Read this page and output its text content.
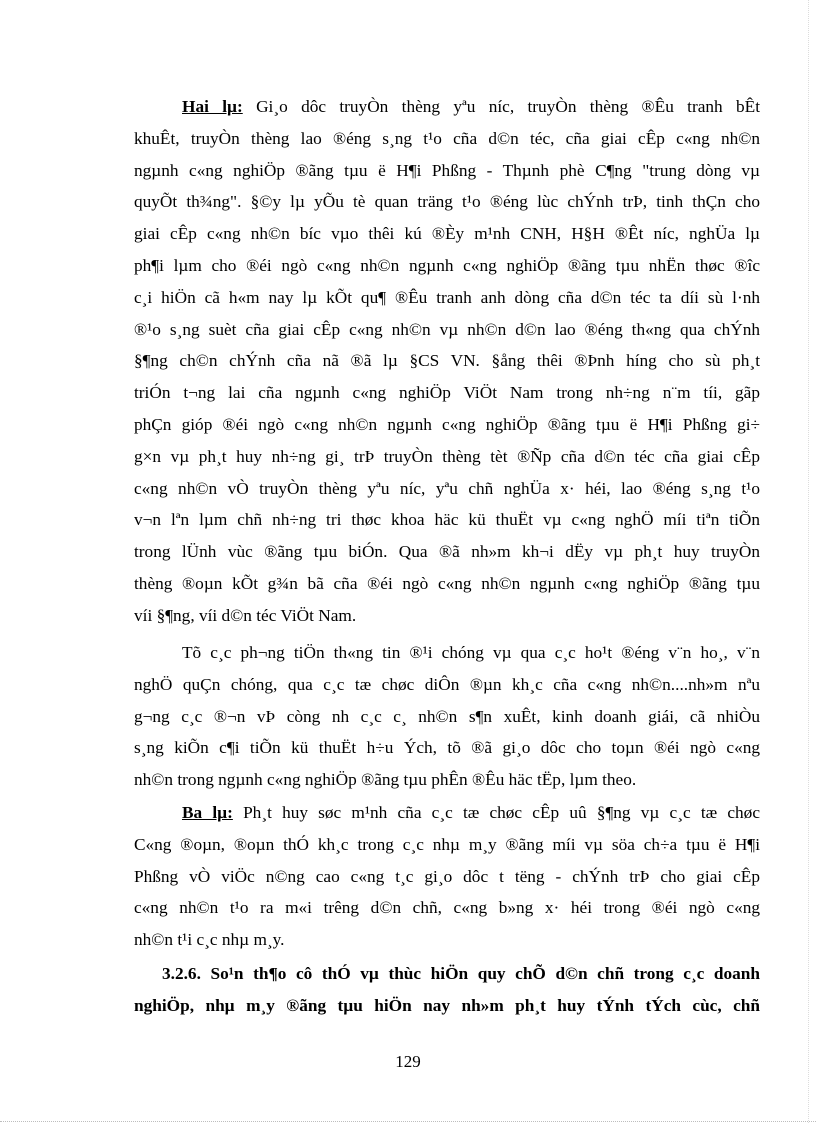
Hai lµ: Gi¸o dôc truyÒn thèng yªu níc, truyÒn thèng ®Êu tranh bÊt
khuÊt, truyÒn thèng lao ®éng s¸ng t¹o cña d©n téc, cña giai cÊp c«ng nh©n
ngµnh c«ng nghiÖp ®ãng tµu ë H¶i Phßng - Thµnh phè C¶ng "trung dòng vµ
quyÕt th¾ng". §©y lµ yÕu tè quan träng t¹o ®éng lùc chÝnh trÞ, tinh thÇn cho
giai cÊp c«ng nh©n bíc vµo thêi kú ®Èy m¹nh CNH, H§H ®Êt níc, nghÜa lµ
ph¶i lµm cho ®éi ngò c«ng nh©n ngµnh c«ng nghiÖp ®ãng tµu nhËn thøc ®îc
c¸i hiÖn cã h«m nay lµ kÕt qu¶ ®Êu tranh anh dòng cña d©n téc ta díi sù l·nh
®¹o s¸ng suèt cña giai cÊp c«ng nh©n vµ nh©n d©n lao ®éng th«ng qua chÝnh
§¶ng ch©n chÝnh cña nã ®ã lµ §CS VN. §ång thêi ®Þnh híng cho sù ph¸t
triÓn t¬ng lai cña ngµnh c«ng nghiÖp ViÖt Nam trong nh÷ng n¨m tíi, gãp
phÇn gióp ®éi ngò c«ng nh©n ngµnh c«ng nghiÖp ®ãng tµu ë H¶i Phßng gi÷
g×n vµ ph¸t huy nh÷ng gi¸ trÞ truyÒn thèng tèt ®Ñp cña d©n téc cña giai cÊp
c«ng nh©n vÒ truyÒn thèng yªu níc, yªu chñ nghÜa x· héi, lao ®éng s¸ng t¹o
v¬n lªn lµm chñ nh÷ng tri thøc khoa häc kü thuËt vµ c«ng nghÖ míi tiªn tiÕn
trong lÜnh vùc ®ãng tµu biÓn. Qua ®ã nh»m kh¬i dËy vµ ph¸t huy truyÒn
thèng ®oµn kÕt g¾n bã cña ®éi ngò c«ng nh©n ngµnh c«ng nghiÖp ®ãng tµu
víi §¶ng, víi d©n téc ViÖt Nam.

Tõ c¸c ph¬ng tiÖn th«ng tin ®¹i chóng vµ qua c¸c ho¹t ®éng v¨n ho¸, v¨n
nghÖ quÇn chóng, qua c¸c tæ chøc diÔn ®µn kh¸c cña c«ng nh©n....nh»m nªu
g¬ng c¸c ®¬n vÞ còng nh c¸c c¸ nh©n s¶n xuÊt, kinh doanh giái, cã nhiÒu
s¸ng kiÕn c¶i tiÕn kü thuËt h÷u Ých, tõ ®ã gi¸o dôc cho toµn ®éi ngò c«ng
nh©n trong ngµnh c«ng nghiÖp ®ãng tµu phÊn ®Êu häc tËp, lµm theo.

Ba lµ: Ph¸t huy søc m¹nh cña c¸c tæ chøc cÊp uû §¶ng vµ c¸c tæ chøc
C«ng ®oµn, ®oµn thÓ kh¸c trong c¸c nhµ m¸y ®ãng míi vµ söa ch÷a tµu ë H¶i
Phßng vÒ viÖc n©ng cao c«ng t¸c gi¸o dôc t tëng - chÝnh trÞ cho giai cÊp
c«ng nh©n t¹o ra m«i trêng d©n chñ, c«ng b»ng x· héi trong ®éi ngò c«ng
nh©n t¹i c¸c nhµ m¸y.

3.2.6. So¹n th¶o cô thÓ vµ thùc hiÖn quy chÕ d©n chñ trong c¸c doanh
nghiÖp, nhµ m¸y ®ãng tµu hiÖn nay nh»m ph¸t huy tÝnh tÝch cùc, chñ

129
